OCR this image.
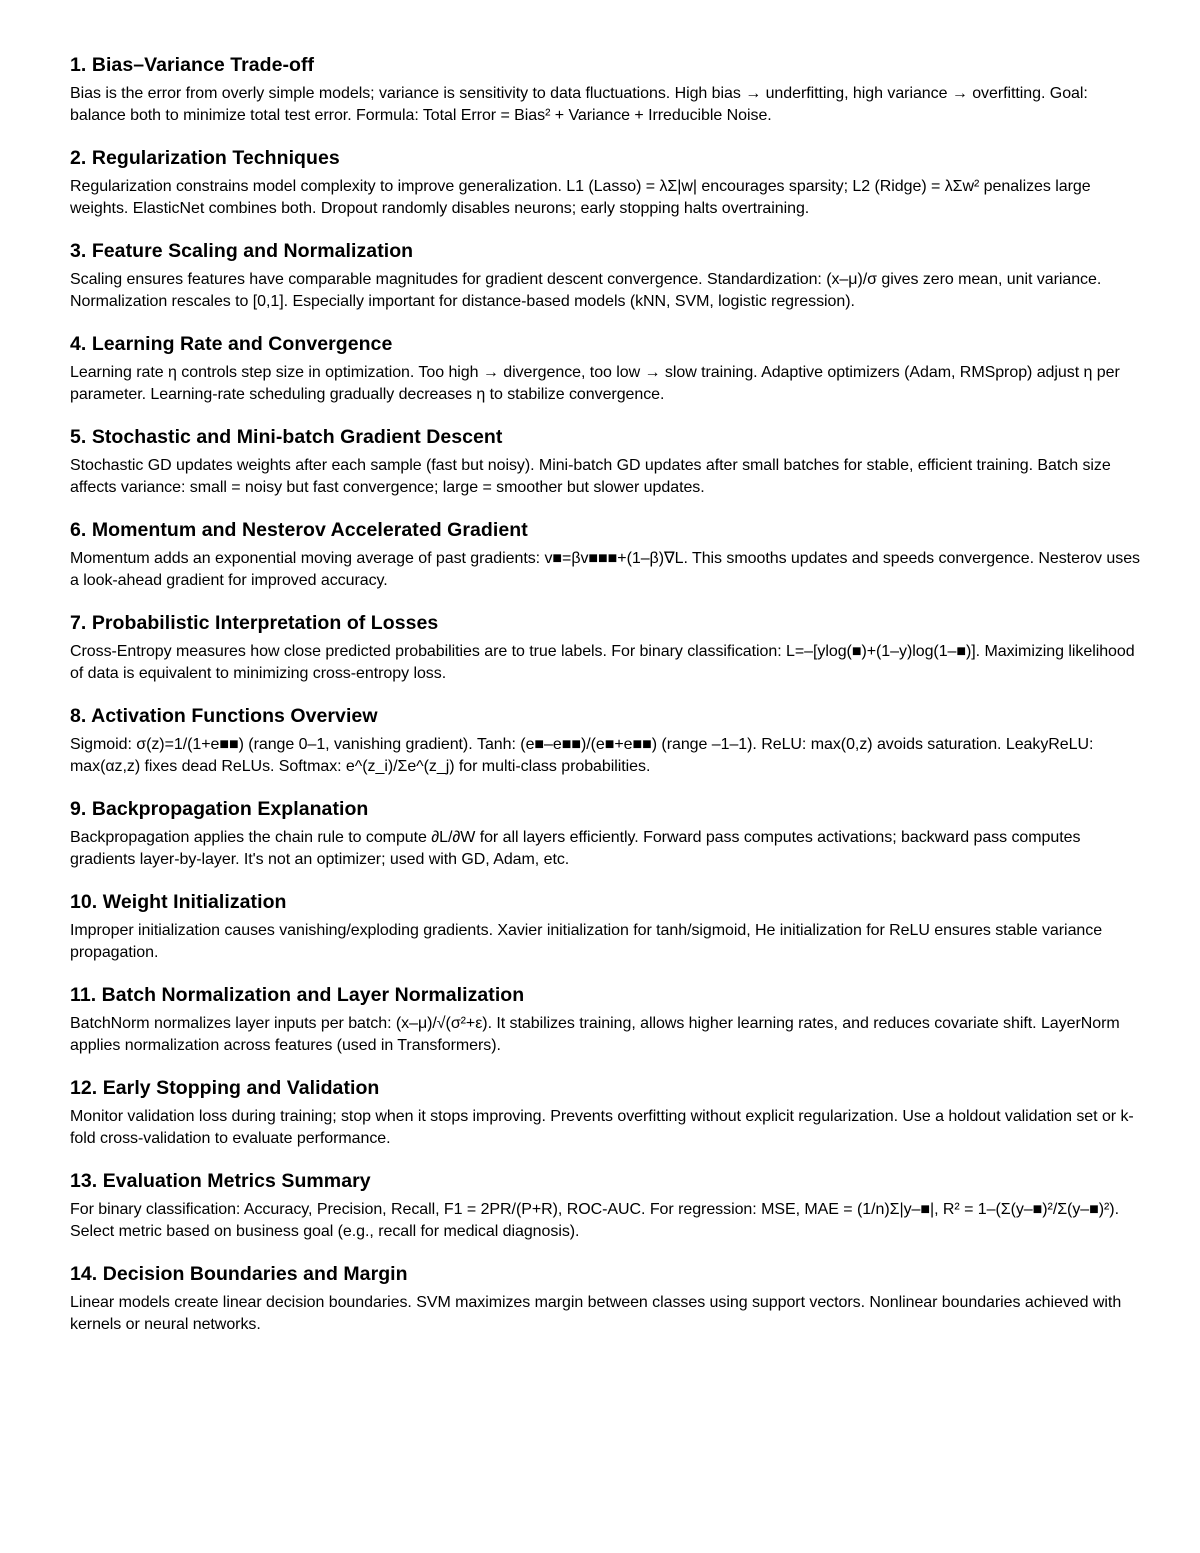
1. Bias–Variance Trade-off

Bias is the error from overly simple models; variance is sensitivity to data fluctuations. High bias → underfitting, high variance → overfitting. Goal: balance both to minimize total test error. Formula: Total Error = Bias² + Variance + Irreducible Noise.

2. Regularization Techniques

Regularization constrains model complexity to improve generalization. L1 (Lasso) = λΣ|w| encourages sparsity; L2 (Ridge) = λΣw² penalizes large weights. ElasticNet combines both. Dropout randomly disables neurons; early stopping halts overtraining.

3. Feature Scaling and Normalization

Scaling ensures features have comparable magnitudes for gradient descent convergence. Standardization: (x–μ)/σ gives zero mean, unit variance. Normalization rescales to [0,1]. Especially important for distance-based models (kNN, SVM, logistic regression).

4. Learning Rate and Convergence

Learning rate η controls step size in optimization. Too high → divergence, too low → slow training. Adaptive optimizers (Adam, RMSprop) adjust η per parameter. Learning-rate scheduling gradually decreases η to stabilize convergence.

5. Stochastic and Mini-batch Gradient Descent

Stochastic GD updates weights after each sample (fast but noisy). Mini-batch GD updates after small batches for stable, efficient training. Batch size affects variance: small = noisy but fast convergence; large = smoother but slower updates.

6. Momentum and Nesterov Accelerated Gradient

Momentum adds an exponential moving average of past gradients: v■=βv■■■+(1–β)∇L. This smooths updates and speeds convergence. Nesterov uses a look-ahead gradient for improved accuracy.

7. Probabilistic Interpretation of Losses

Cross-Entropy measures how close predicted probabilities are to true labels. For binary classification: L=–[ylog(■)+(1–y)log(1–■)]. Maximizing likelihood of data is equivalent to minimizing cross-entropy loss.

8. Activation Functions Overview

Sigmoid: σ(z)=1/(1+e■■) (range 0–1, vanishing gradient). Tanh: (e■–e■■)/(e■+e■■) (range –1–1). ReLU: max(0,z) avoids saturation. LeakyReLU: max(αz,z) fixes dead ReLUs. Softmax: e^(z_i)/Σe^(z_j) for multi-class probabilities.

9. Backpropagation Explanation

Backpropagation applies the chain rule to compute ∂L/∂W for all layers efficiently. Forward pass computes activations; backward pass computes gradients layer-by-layer. It's not an optimizer; used with GD, Adam, etc.

10. Weight Initialization

Improper initialization causes vanishing/exploding gradients. Xavier initialization for tanh/sigmoid, He initialization for ReLU ensures stable variance propagation.

11. Batch Normalization and Layer Normalization

BatchNorm normalizes layer inputs per batch: (x–μ)/√(σ²+ε). It stabilizes training, allows higher learning rates, and reduces covariate shift. LayerNorm applies normalization across features (used in Transformers).

12. Early Stopping and Validation

Monitor validation loss during training; stop when it stops improving. Prevents overfitting without explicit regularization. Use a holdout validation set or k-fold cross-validation to evaluate performance.

13. Evaluation Metrics Summary

For binary classification: Accuracy, Precision, Recall, F1 = 2PR/(P+R), ROC-AUC. For regression: MSE, MAE = (1/n)Σ|y–■|, R² = 1–(Σ(y–■)²/Σ(y–■)²). Select metric based on business goal (e.g., recall for medical diagnosis).

14. Decision Boundaries and Margin

Linear models create linear decision boundaries. SVM maximizes margin between classes using support vectors. Nonlinear boundaries achieved with kernels or neural networks.
